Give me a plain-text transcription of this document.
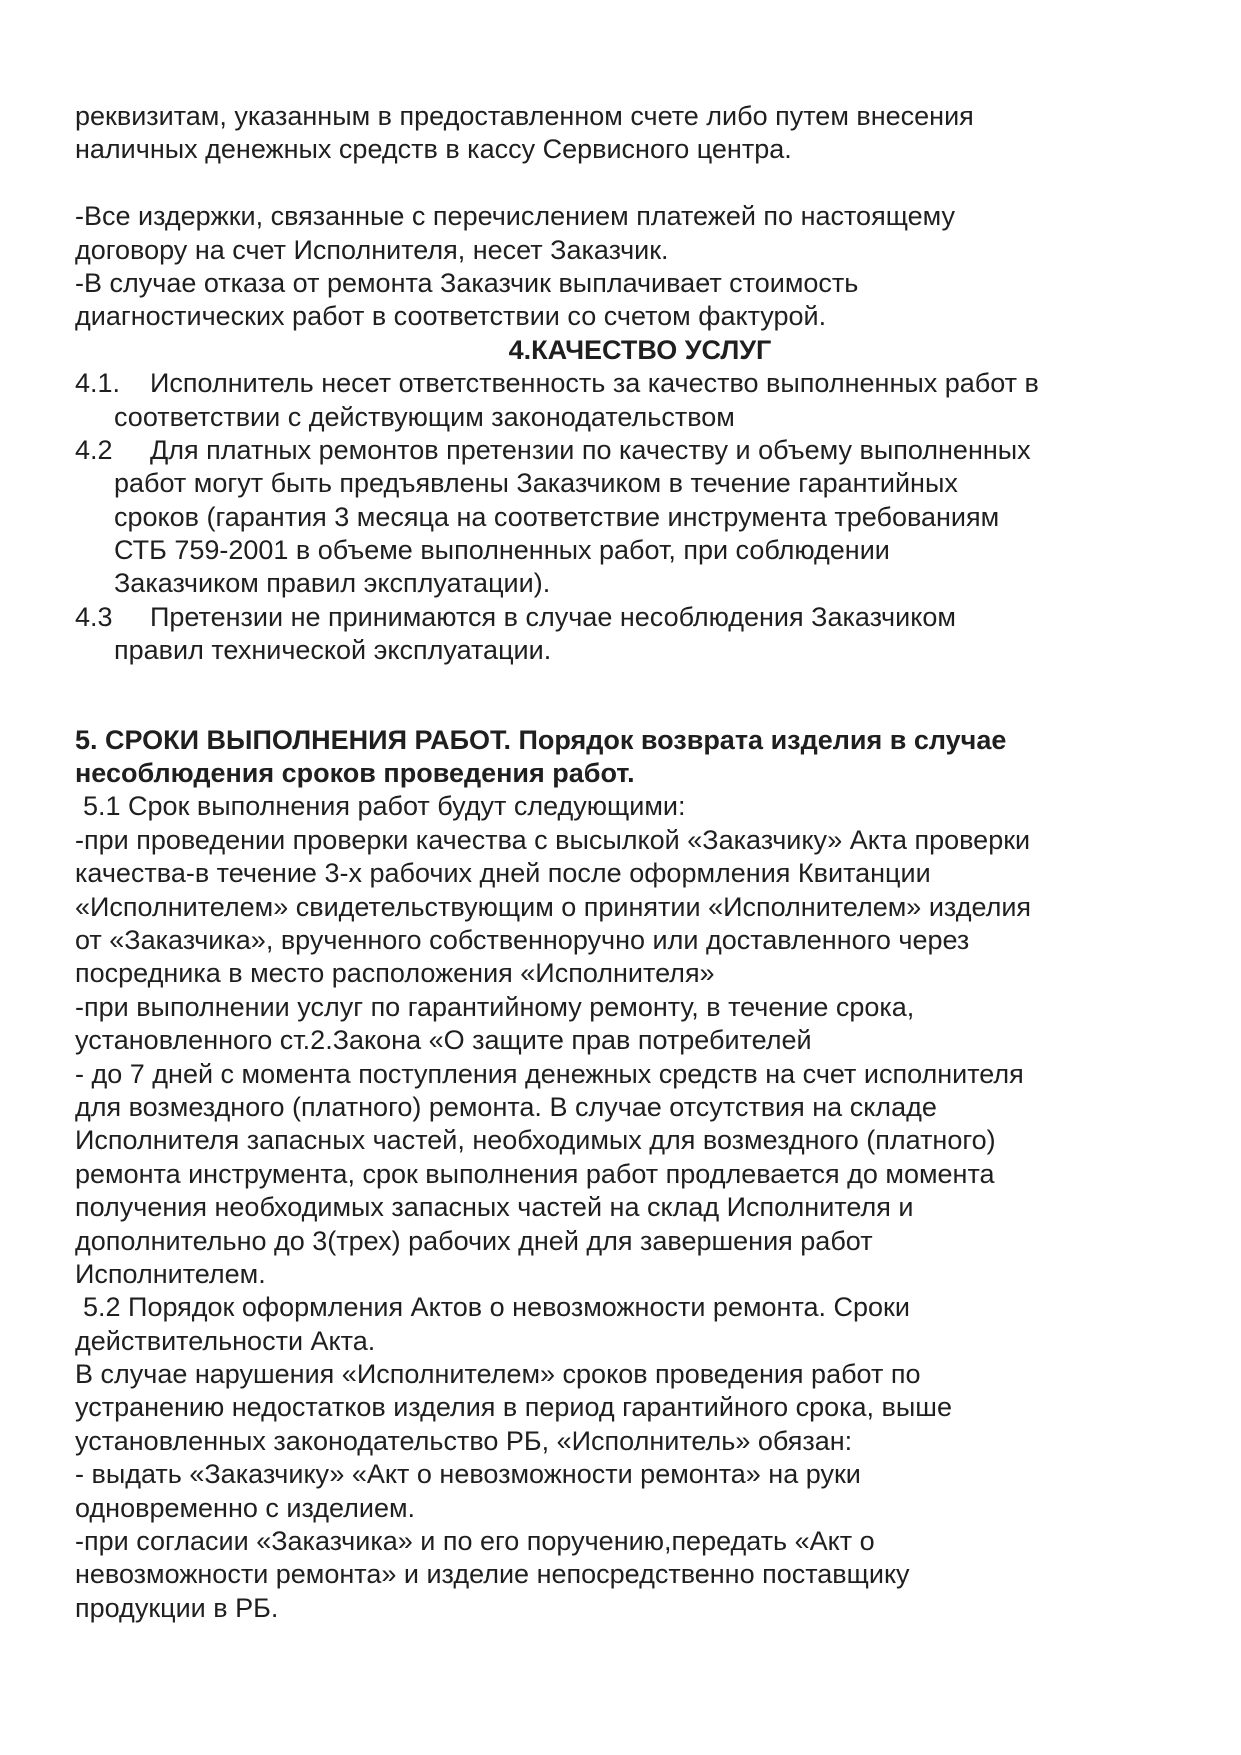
реквизитам, указанным в предоставленном счете либо путем внесения
наличных денежных средств в кассу Сервисного центра.
-Все издержки, связанные с перечислением платежей по настоящему
договору на счет Исполнителя, несет Заказчик.
-В случае отказа от ремонта Заказчик выплачивает стоимость
диагностических работ в соответствии со счетом фактурой.
4.КАЧЕСТВО УСЛУГ
4.1. Исполнитель несет ответственность за качество выполненных работ в
соответствии с действующим законодательством
4.2 Для платных ремонтов претензии по качеству и объему выполненных
работ могут быть предъявлены Заказчиком в течение гарантийных
сроков (гарантия 3 месяца на соответствие инструмента требованиям
СТБ 759-2001 в объеме выполненных работ, при соблюдении
Заказчиком правил эксплуатации).
4.3 Претензии не принимаются в случае несоблюдения Заказчиком
правил технической эксплуатации.
5. СРОКИ ВЫПОЛНЕНИЯ РАБОТ. Порядок возврата изделия в случае
несоблюдения сроков проведения работ.
5.1 Срок выполнения работ будут следующими:
-при проведении проверки качества с высылкой «Заказчику» Акта проверки
качества-в течение 3-х рабочих дней после оформления Квитанции
«Исполнителем» свидетельствующим о принятии «Исполнителем» изделия
от «Заказчика», врученного собственноручно или доставленного через
посредника в место расположения «Исполнителя»
-при выполнении услуг по гарантийному ремонту, в течение срока,
установленного ст.2.Закона «О защите прав потребителей
- до 7 дней с момента поступления денежных средств на счет исполнителя
для возмездного (платного) ремонта. В случае отсутствия на складе
Исполнителя запасных частей, необходимых для возмездного (платного)
ремонта инструмента, срок выполнения работ продлевается до момента
получения необходимых запасных частей на склад Исполнителя и
дополнительно до 3(трех) рабочих дней для завершения работ
Исполнителем.
5.2 Порядок оформления Актов о невозможности ремонта. Сроки
действительности Акта.
В случае нарушения «Исполнителем» сроков проведения работ по
устранению недостатков изделия в период гарантийного срока, выше
установленных законодательство РБ, «Исполнитель» обязан:
- выдать «Заказчику» «Акт о невозможности ремонта» на руки
одновременно с изделием.
-при согласии «Заказчика» и по его поручению,передать «Акт о
невозможности ремонта» и изделие непосредственно поставщику
продукции в РБ.
